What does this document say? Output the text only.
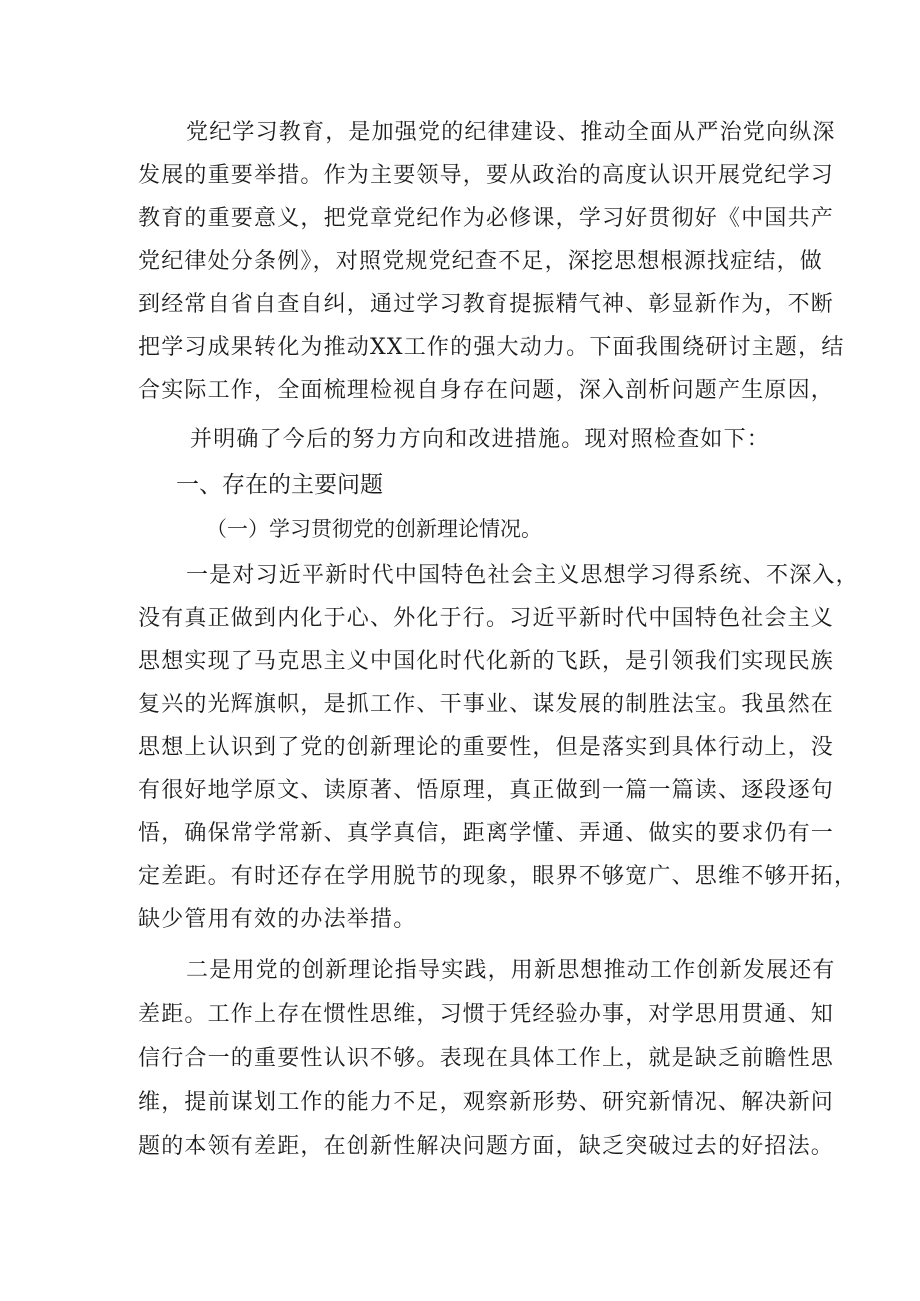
党纪学习教育，是加强党的纪律建设、推动全面从严治党向纵深

发展的重要举措。作为主要领导，要从政治的高度认识开展党纪学习

教育的重要意义，把党章党纪作为必修课，学习好贯彻好《中国共产

党纪律处分条例》，对照党规党纪查不足，深挖思想根源找症结，做

到经常自省自查自纠，通过学习教育提振精气神、彰显新作为，不断

把学习成果转化为推动XX工作的强大动力。下面我围绕研讨主题，结

合实际工作，全面梳理检视自身存在问题，深入剖析问题产生原因，

并明确了今后的努力方向和改进措施。现对照检查如下：

一、存在的主要问题

（一）学习贯彻党的创新理论情况。

一是对习近平新时代中国特色社会主义思想学习得系统、不深入，

没有真正做到内化于心、外化于行。习近平新时代中国特色社会主义

思想实现了马克思主义中国化时代化新的飞跃，是引领我们实现民族

复兴的光辉旗帜，是抓工作、干事业、谋发展的制胜法宝。我虽然在

思想上认识到了党的创新理论的重要性，但是落实到具体行动上，没

有很好地学原文、读原著、悟原理，真正做到一篇一篇读、逐段逐句

悟，确保常学常新、真学真信，距离学懂、弄通、做实的要求仍有一

定差距。有时还存在学用脱节的现象，眼界不够宽广、思维不够开拓，

缺少管用有效的办法举措。

二是用党的创新理论指导实践，用新思想推动工作创新发展还有

差距。工作上存在惯性思维，习惯于凭经验办事，对学思用贯通、知

信行合一的重要性认识不够。表现在具体工作上，就是缺乏前瞻性思

维，提前谋划工作的能力不足，观察新形势、研究新情况、解决新问

题的本领有差距，在创新性解决问题方面，缺乏突破过去的好招法。
